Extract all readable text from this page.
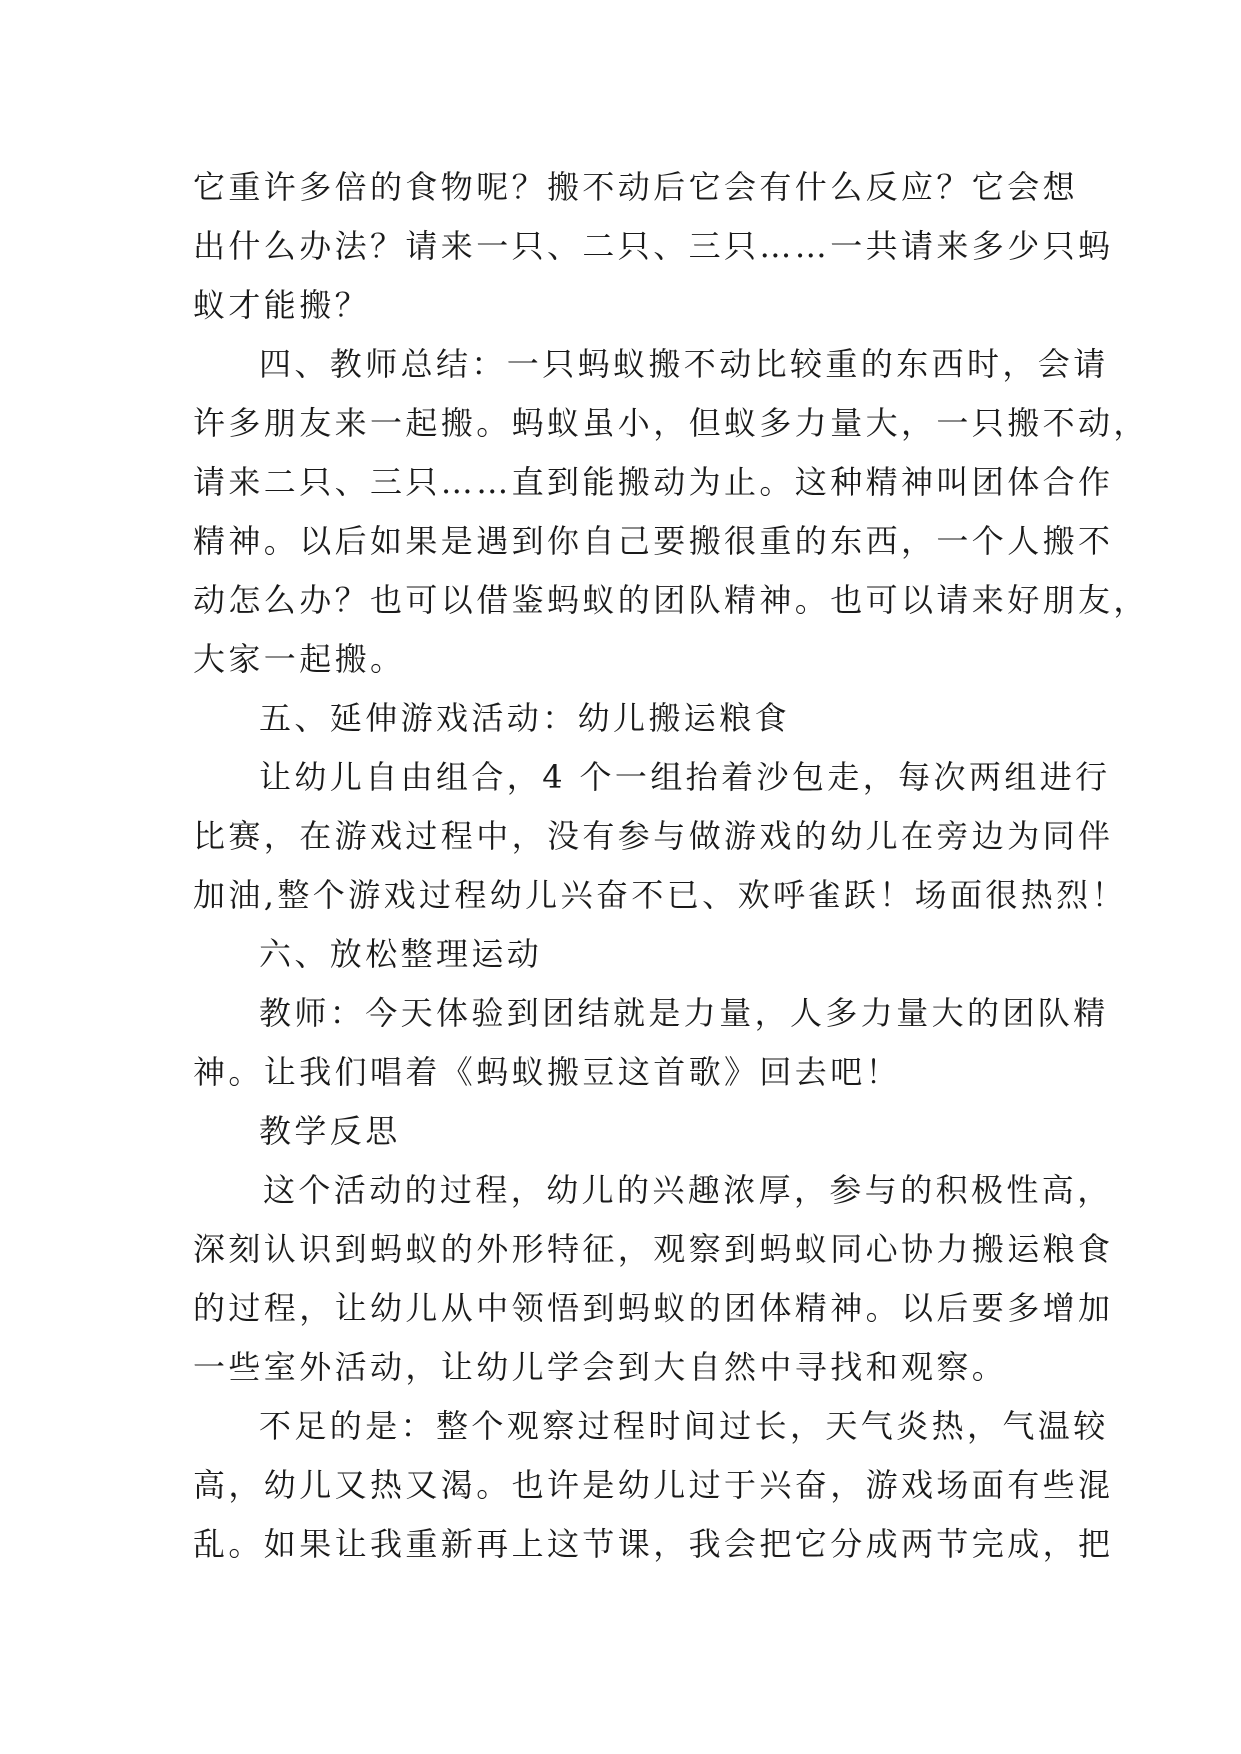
它重许多倍的食物呢？搬不动后它会有什么反应？它会想
出什么办法？请来一只、二只、三只……一共请来多少只蚂
蚁才能搬？
四、教师总结：一只蚂蚁搬不动比较重的东西时，会请
许多朋友来一起搬。蚂蚁虽小，但蚁多力量大，一只搬不动，
请来二只、三只……直到能搬动为止。这种精神叫团体合作
精神。以后如果是遇到你自己要搬很重的东西，一个人搬不
动怎么办？也可以借鉴蚂蚁的团队精神。也可以请来好朋友，
大家一起搬。
五、延伸游戏活动：幼儿搬运粮食
让幼儿自由组合，4 个一组抬着沙包走，每次两组进行
比赛，在游戏过程中，没有参与做游戏的幼儿在旁边为同伴
加油,整个游戏过程幼儿兴奋不已、欢呼雀跃！场面很热烈！
六、放松整理运动
教师：今天体验到团结就是力量，人多力量大的团队精
神。让我们唱着《蚂蚁搬豆这首歌》回去吧！
教学反思
这个活动的过程，幼儿的兴趣浓厚，参与的积极性高，
深刻认识到蚂蚁的外形特征，观察到蚂蚁同心协力搬运粮食
的过程，让幼儿从中领悟到蚂蚁的团体精神。以后要多增加
一些室外活动，让幼儿学会到大自然中寻找和观察。
不足的是：整个观察过程时间过长，天气炎热，气温较
高，幼儿又热又渴。也许是幼儿过于兴奋，游戏场面有些混
乱。如果让我重新再上这节课，我会把它分成两节完成，把
